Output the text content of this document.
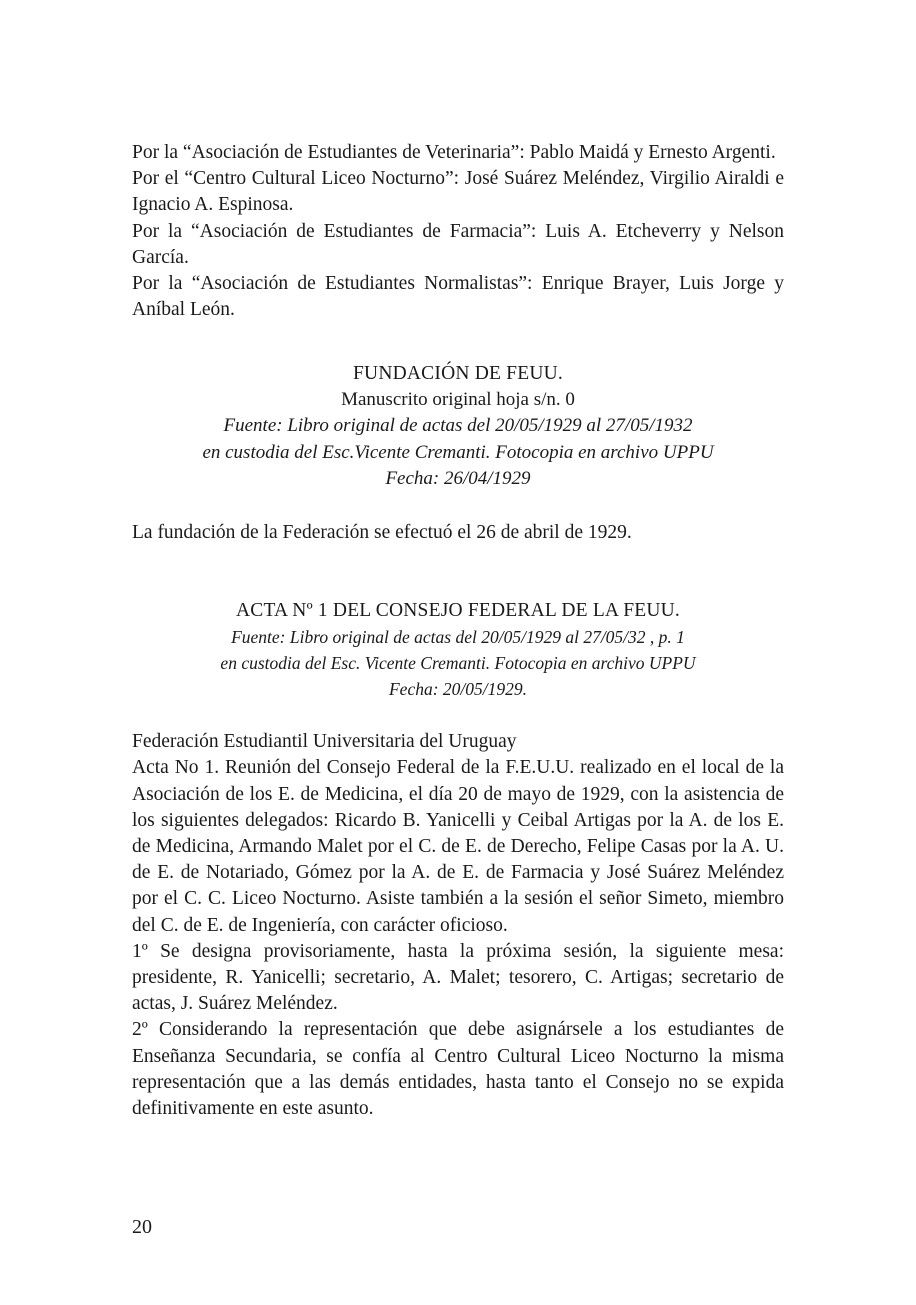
Por la “Asociación de Estudiantes de Veterinaria”: Pablo Maidá y Ernesto Argenti.

Por el “Centro Cultural Liceo Nocturno”: José Suárez Meléndez, Virgilio Airaldi e Ignacio A. Espinosa.

Por la “Asociación de Estudiantes de Farmacia”: Luis A. Etcheverry y Nelson García.

Por la “Asociación de Estudiantes Normalistas”: Enrique Brayer, Luis Jorge y Aníbal León.

FUNDACIÓN DE FEUU.
Manuscrito original hoja s/n. 0
Fuente: Libro original de actas del 20/05/1929 al 27/05/1932
en custodia del Esc.Vicente Cremanti. Fotocopia en archivo UPPU
Fecha: 26/04/1929

La fundación de la Federación se efectuó el 26 de abril de 1929.

ACTA Nº 1 DEL CONSEJO FEDERAL DE LA FEUU.
Fuente: Libro original de actas del 20/05/1929 al 27/05/32 , p. 1
en custodia del Esc. Vicente Cremanti. Fotocopia en archivo UPPU
Fecha: 20/05/1929.

Federación Estudiantil Universitaria del Uruguay

Acta No 1. Reunión del Consejo Federal de la F.E.U.U. realizado en el local de la Asociación de los E. de Medicina, el día 20 de mayo de 1929, con la asistencia de los siguientes delegados: Ricardo B. Yanicelli y Ceibal Artigas por la A. de los E. de Medicina, Armando Malet por el C. de E. de Derecho, Felipe Casas por la A. U. de E. de Notariado, Gómez por la A. de E. de Farmacia y José Suárez Meléndez por el C. C. Liceo Nocturno. Asiste también a la sesión el señor Simeto, miembro del C. de E. de Ingeniería, con carácter oficioso.

1º Se designa provisoriamente, hasta la próxima sesión, la siguiente mesa: presidente, R. Yanicelli; secretario, A. Malet; tesorero, C. Artigas; secretario de actas, J. Suárez Meléndez.

2º Considerando la representación que debe asignársele a los estudiantes de Enseñanza Secundaria, se confía al Centro Cultural Liceo Nocturno la misma representación que a las demás entidades, hasta tanto el Consejo no se expida definitivamente en este asunto.

20
